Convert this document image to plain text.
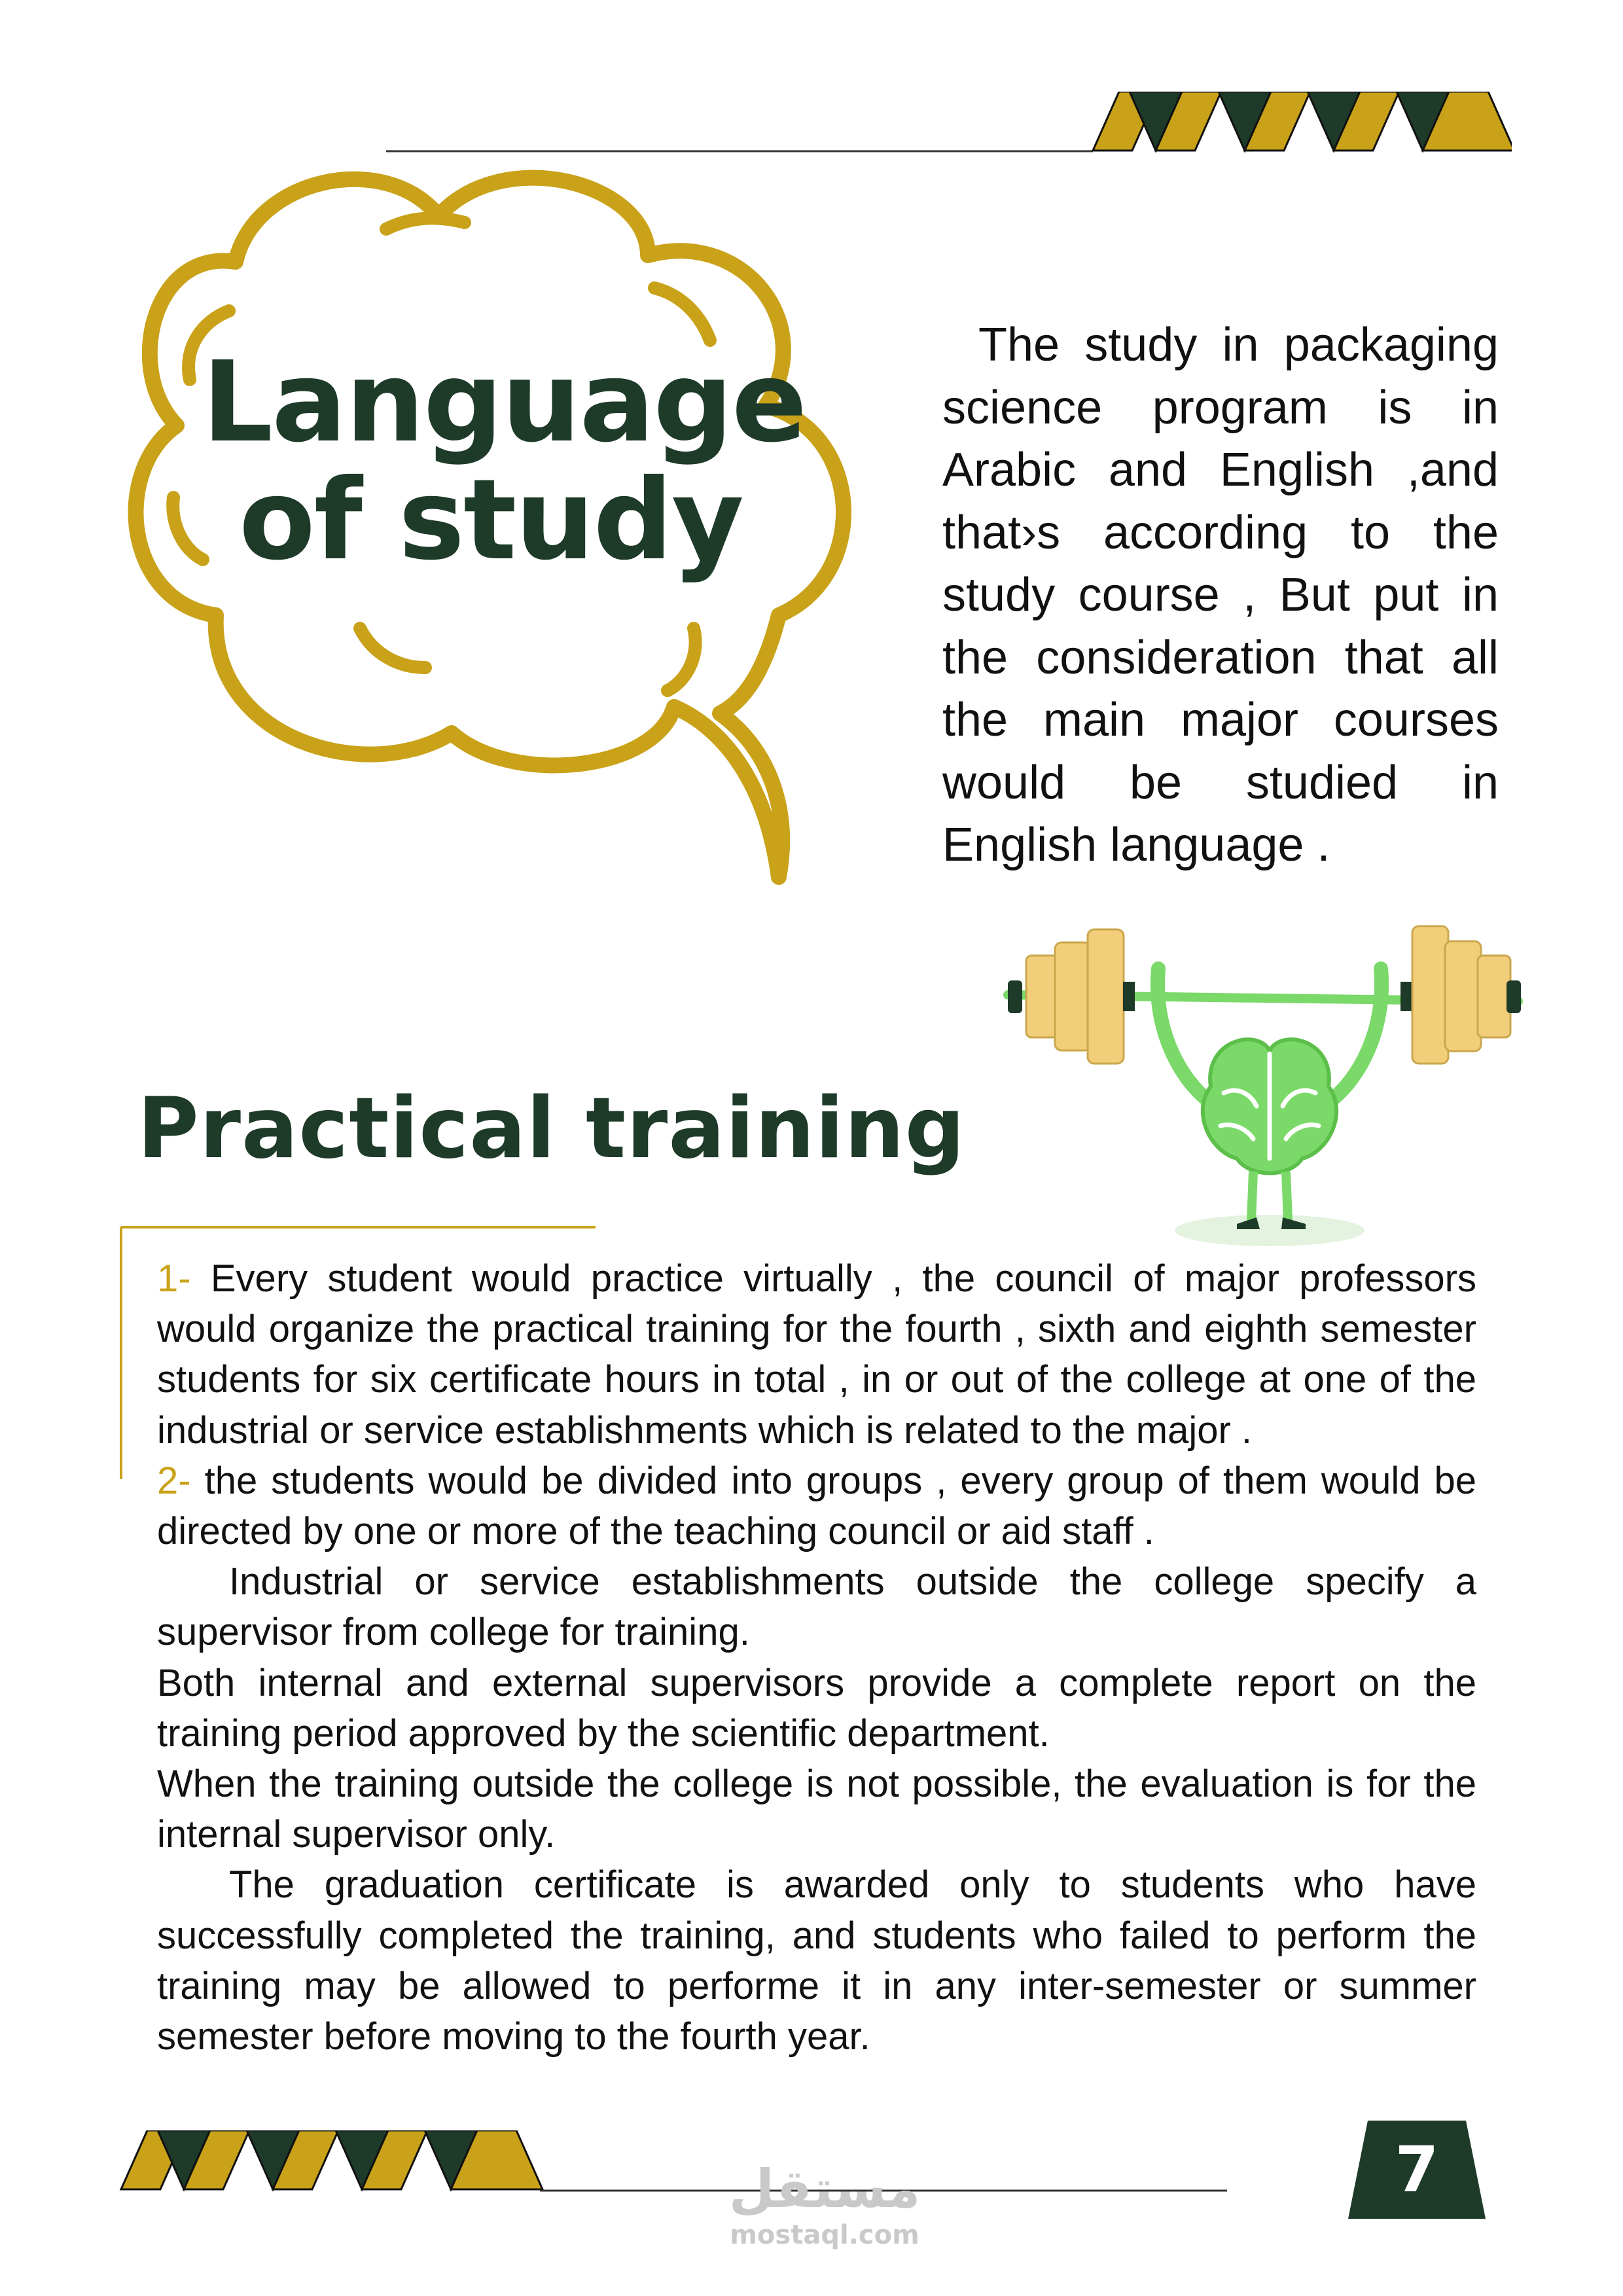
Language
of study

The study in packaging science program is in Arabic and English ,and that›s according to the study course , But put in the consideration that all the main major courses would be studied in English language .

Practical training

1- Every student would practice virtually , the council of major professors would organize the practical training for the fourth , sixth and eighth semester students for six certificate hours in total , in or out of the college at one of the industrial or service establishments which is related to the major .

2- the students would be divided into groups , every group of them would be directed by one or more of the teaching council or aid staff .

Industrial or service establishments outside the college specify a supervisor from college for training.

Both internal and external supervisors provide a complete report on the training period approved by the scientific department.

When the training outside the college is not possible, the evaluation is for the internal supervisor only.

The graduation certificate is awarded only to students who have successfully completed the training, and students who failed to perform the training may be allowed to performe it in any inter-semester or summer semester before moving to the fourth year.

7
مستقل
mostaql.com
